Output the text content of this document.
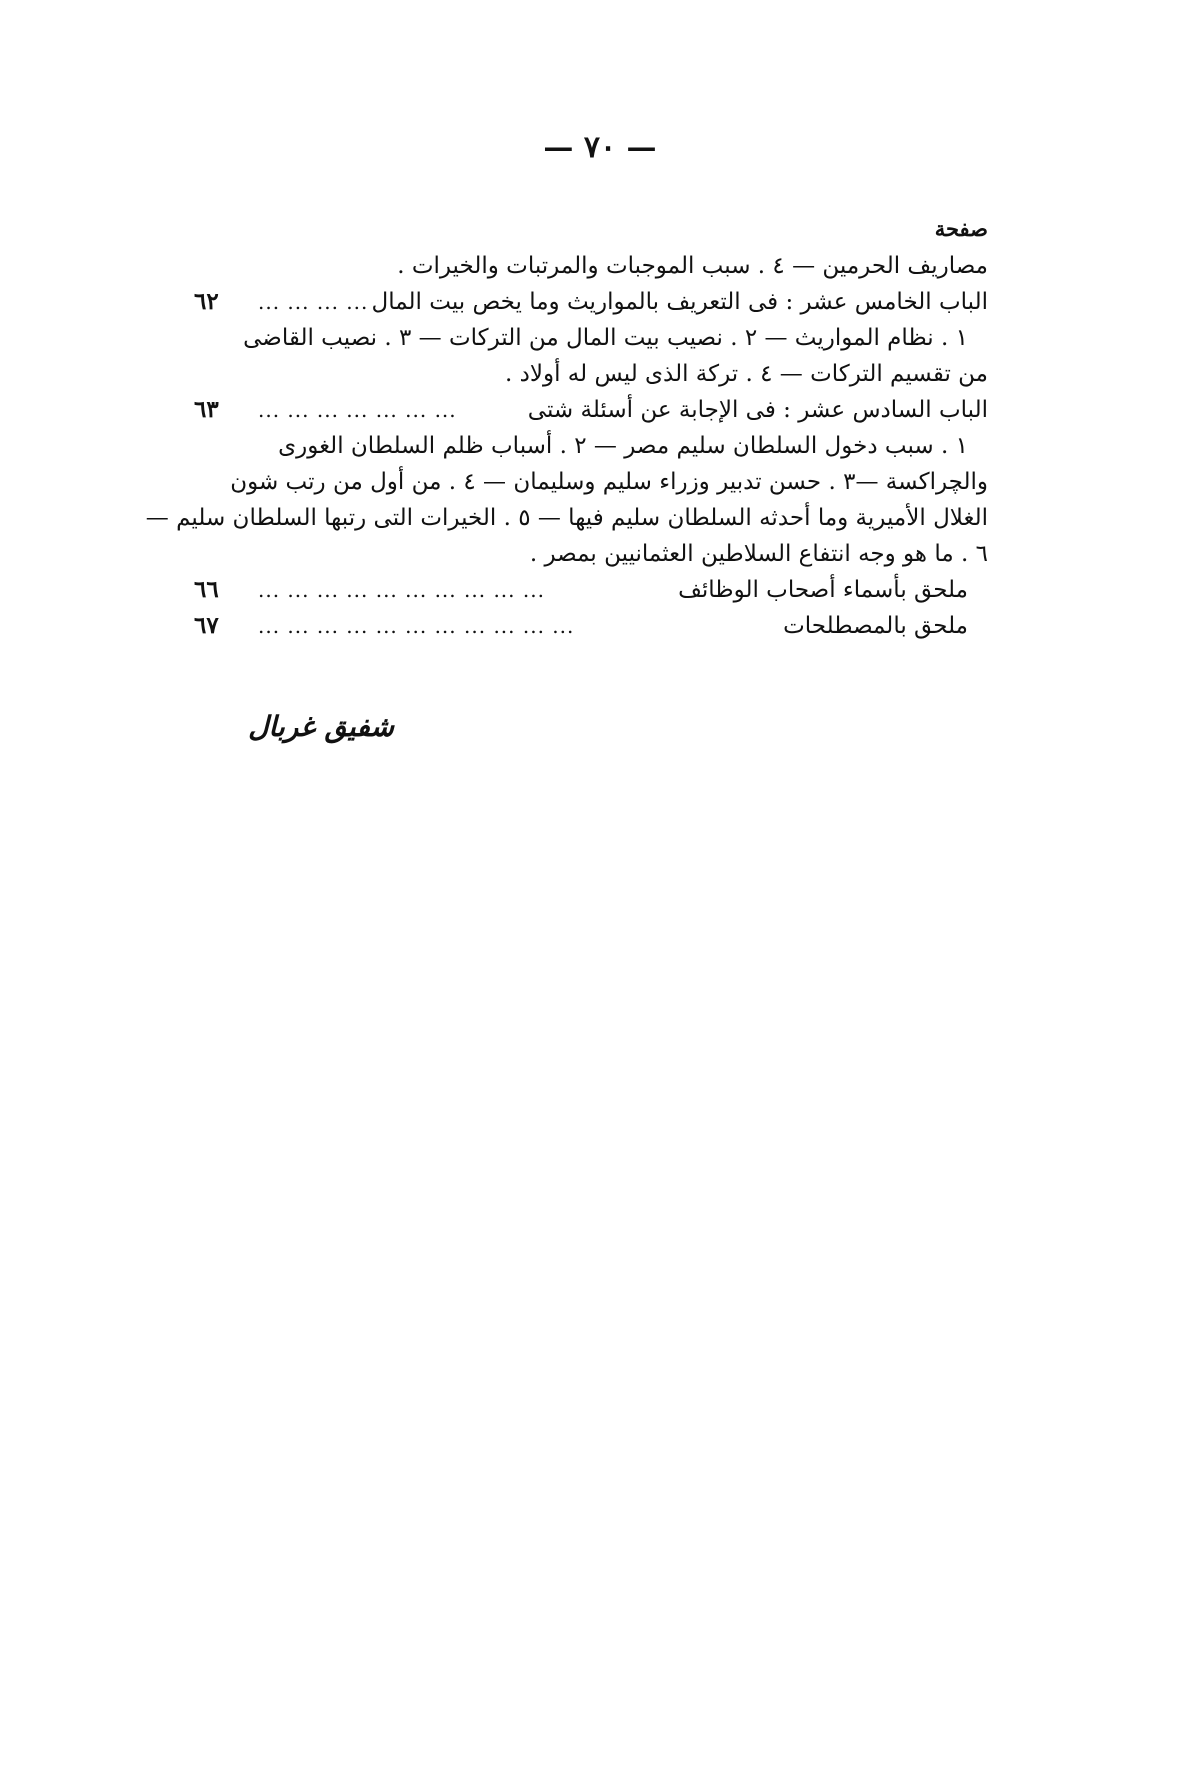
— ٧٠ —
صفحة
مصاريف الحرمين — ٤ . سبب الموجبات والمرتبات والخيرات .
الباب الخامس عشر : فى التعريف بالمواريث وما يخص بيت المال
... ... ... ...
٦٢
١ . نظام المواريث — ٢ . نصيب بيت المال من التركات — ٣ . نصيب القاضى
من تقسيم التركات — ٤ . تركة الذى ليس له أولاد .
الباب السادس عشر : فى الإجابة عن أسئلة شتى
... ... ... ... ... ... ...
٦٣
١ . سبب دخول السلطان سليم مصر — ٢ . أسباب ظلم السلطان الغورى
والچراكسة —٣ . حسن تدبير وزراء سليم وسليمان — ٤ . من أول من رتب شون
الغلال الأميرية وما أحدثه السلطان سليم فيها — ٥ . الخيرات التى رتبها السلطان سليم —
٦ . ما هو وجه انتفاع السلاطين العثمانيين بمصر .
ملحق بأسماء أصحاب الوظائف
... ... ... ... ... ... ... ... ... ...
٦٦
ملحق بالمصطلحات
... ... ... ... ... ... ... ... ... ... ...
٦٧
شفيق غربال
